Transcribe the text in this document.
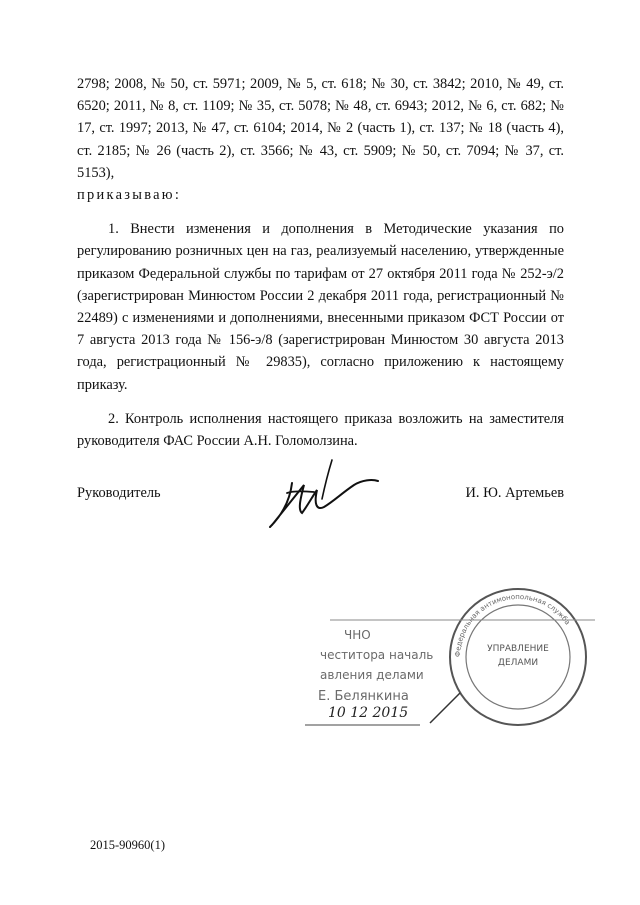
2798; 2008, № 50, ст. 5971; 2009, № 5, ст. 618; № 30, ст. 3842; 2010, № 49, ст. 6520; 2011, № 8, ст. 1109; № 35, ст. 5078; № 48, ст. 6943; 2012, № 6, ст. 682; № 17, ст. 1997; 2013, № 47, ст. 6104; 2014, № 2 (часть 1), ст. 137; № 18 (часть 4), ст. 2185; № 26 (часть 2), ст. 3566; № 43, ст. 5909; № 50, ст. 7094; № 37, ст. 5153),

приказываю:

1. Внести изменения и дополнения в Методические указания по регулированию розничных цен на газ, реализуемый населению, утвержденные приказом Федеральной службы по тарифам от 27 октября 2011 года № 252-э/2 (зарегистрирован Минюстом России 2 декабря 2011 года, регистрационный № 22489) с изменениями и дополнениями, внесенными приказом ФСТ России от 7 августа 2013 года № 156-э/8 (зарегистрирован Минюстом 30 августа 2013 года, регистрационный № 29835), согласно приложению к настоящему приказу.

2. Контроль исполнения настоящего приказа возложить на заместителя руководителя ФАС России А.Н. Голомолзина.

Руководитель	И. Ю. Артемьев
Федеральная антимонопольная служба
УПРАВЛЕНИЕ
ДЕЛАМИ
ЧНО
честитора началь
авления делами
Е. Белянкина
10 12 2015
2015-90960(1)
